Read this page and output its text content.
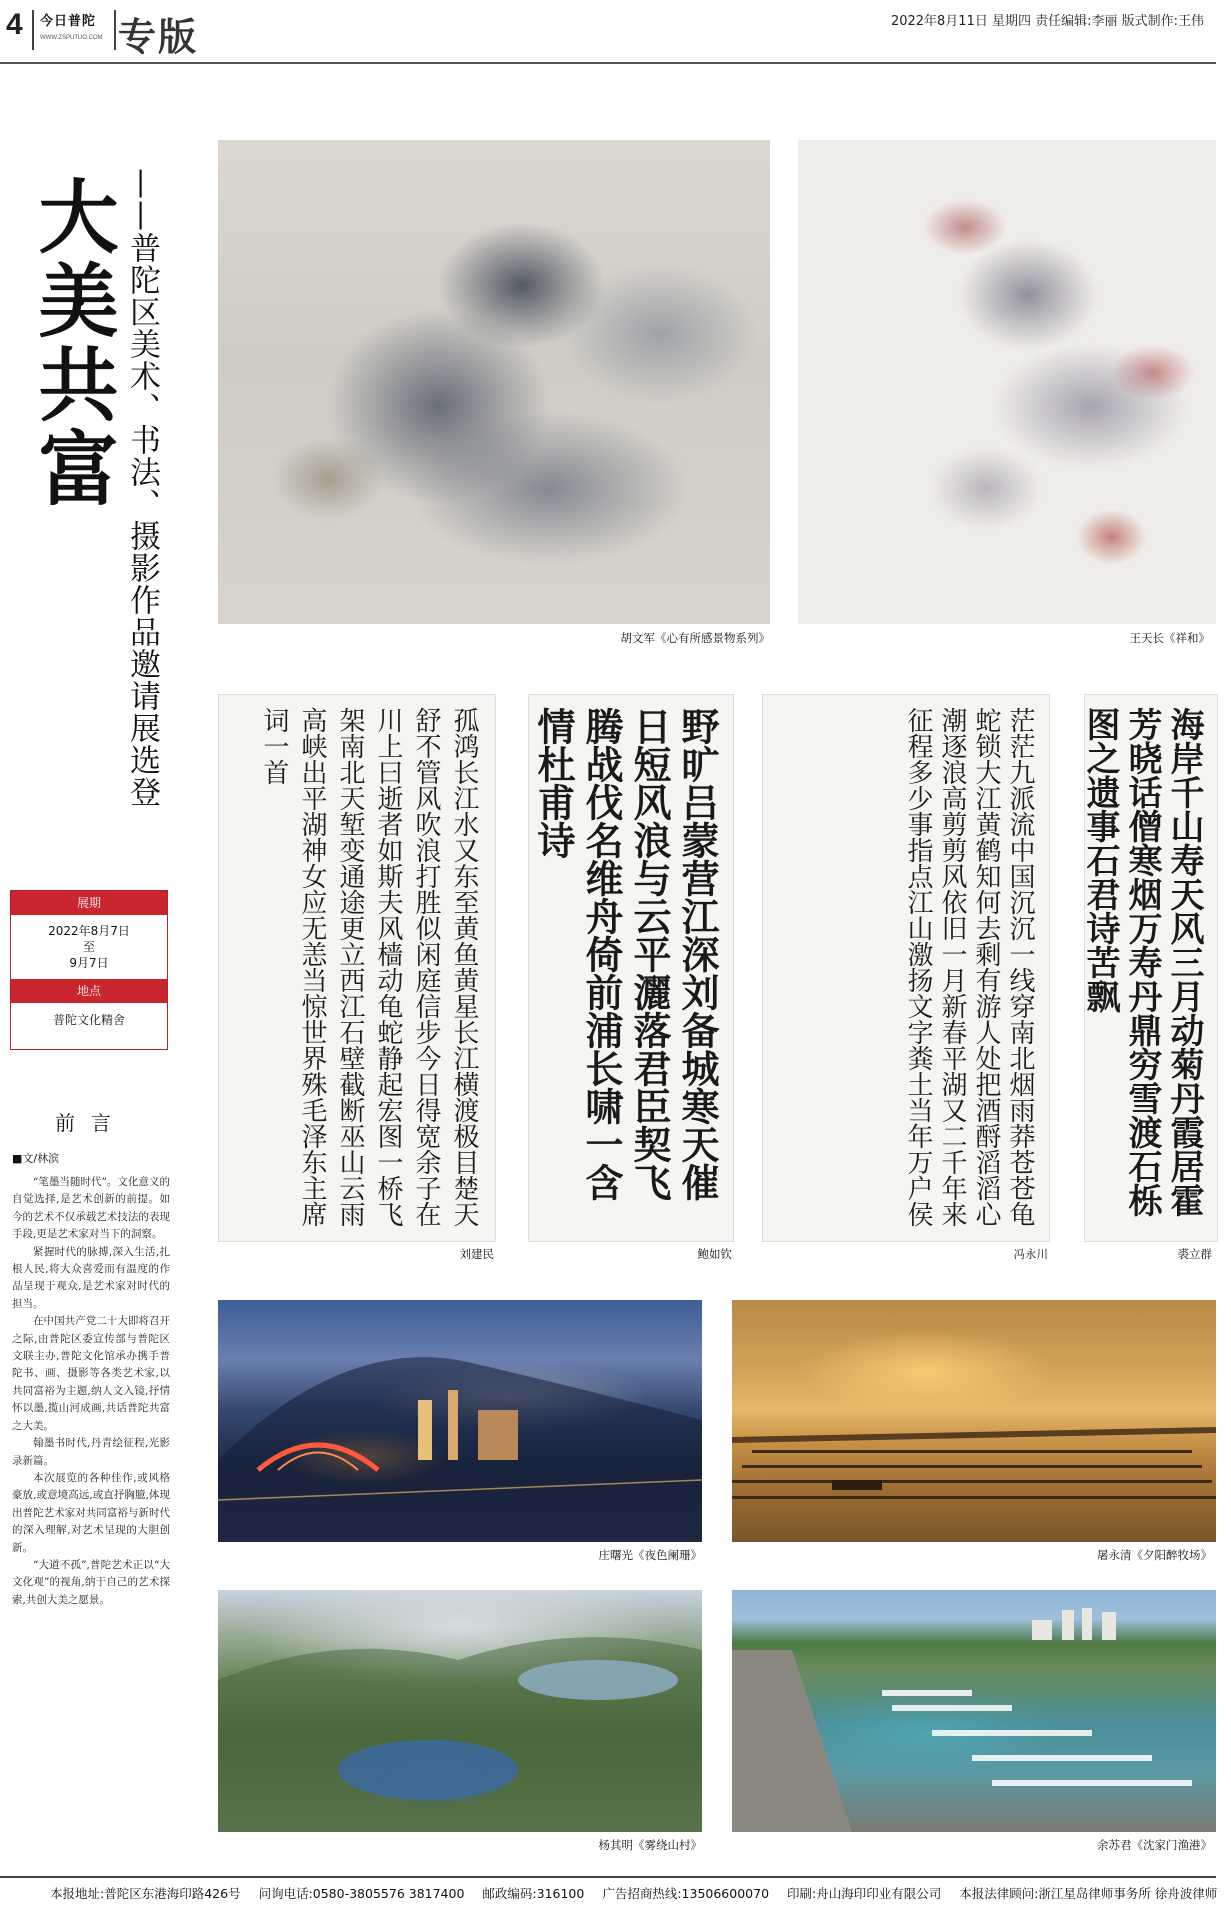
4 今日普陀
WWW.ZSPUTUO.COM 专版	2022年8月11日 星期四 责任编辑:李丽 版式制作:王伟
大美共富 ——普陀区美术、书法、摄影作品邀请展选登
展期
2022年8月7日
至
9月7日
地点
普陀文化精舍
前言
■文/林滨

“笔墨当随时代”。文化意义的自觉选择,是艺术创新的前提。如今的艺术不仅承载艺术技法的表现手段,更是艺术家对当下的洞察。

紧握时代的脉搏,深入生活,扎根人民,将大众喜爱而有温度的作品呈现于观众,是艺术家对时代的担当。

在中国共产党二十大即将召开之际,由普陀区委宣传部与普陀区文联主办,普陀文化馆承办携手普陀书、画、摄影等各类艺术家,以共同富裕为主题,纳人文入镜,抒情怀以墨,揽山河成画,共话普陀共富之大美。

翰墨书时代,丹青绘征程,光影录新篇。

本次展览的各种佳作,或风格豪放,或意境高远,或直抒胸臆,体现出普陀艺术家对共同富裕与新时代的深入理解,对艺术呈现的大胆创新。

“大道不孤”,普陀艺术正以“大文化观”的视角,纳于自己的艺术探索,共创大美之愿景。

胡文军《心有所感景物系列》	王天长《祥和》
孤鸿长江水又东至黄鱼黄星长江横渡极目楚天舒不管风吹浪打胜似闲庭信步今日得宽余子在川上曰逝者如斯夫风樯动龟蛇静起宏图一桥飞架南北天堑变通途更立西江石壁截断巫山云雨高峡出平湖神女应无恙当惊世界殊毛泽东主席词一首
刘建民
野旷吕蒙营江深刘备城寒天催日短风浪与云平灑落君臣契飞腾战伐名维舟倚前浦长啸一含情杜甫诗
鲍如钦
茫茫九派流中国沉沉一线穿南北烟雨莽苍苍龟蛇锁大江黄鹤知何去剩有游人处把酒酹滔滔心潮逐浪高剪剪风依旧一月新春平湖又二千年来征程多少事指点江山激扬文字粪土当年万户侯
冯永川
海岸千山寿天风三月动菊丹霞居霍芳晓话僧寒烟万寿丹鼎穷雪渡石栎图之遗事石君诗苦飘
裘立群
庄曙光《夜色阑珊》	屠永清《夕阳醉牧场》
杨其明《雾绕山村》	余苏君《沈家门渔港》
本报地址:普陀区东港海印路426号 问询电话:0580-3805576 3817400 邮政编码:316100 广告招商热线:13506600070 印刷:舟山海印印业有限公司 本报法律顾问:浙江星岛律师事务所 徐舟波律师
